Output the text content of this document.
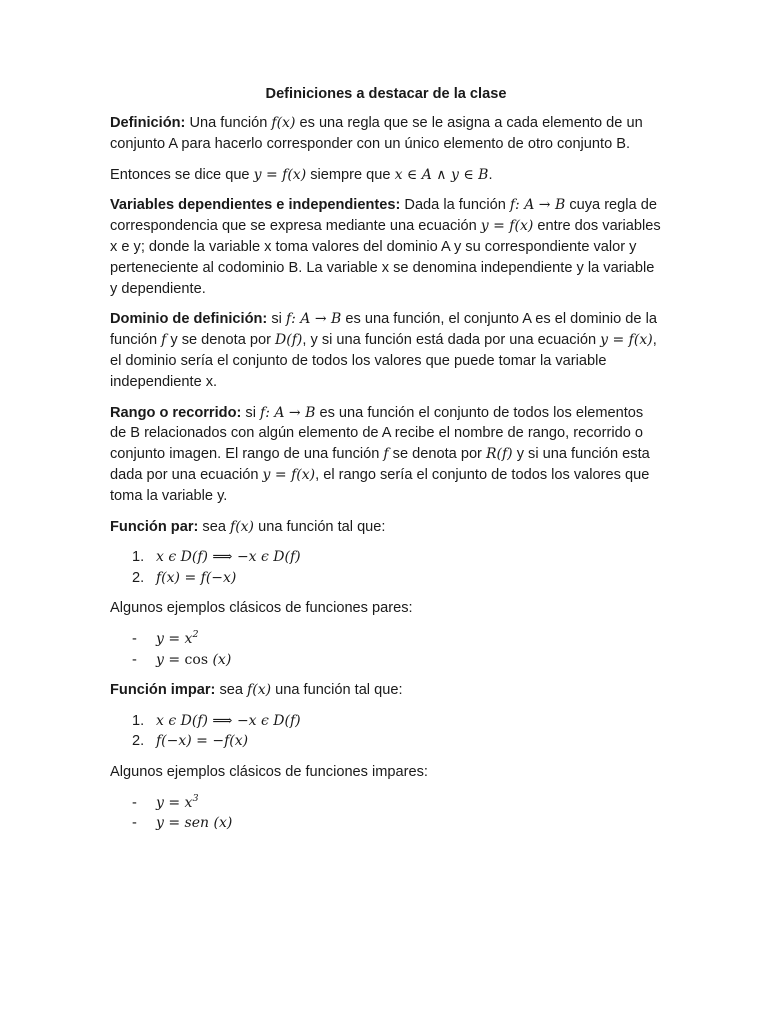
Definiciones a destacar de la clase

Definición: Una función f(x) es una regla que se le asigna a cada elemento de un conjunto A para hacerlo corresponder con un único elemento de otro conjunto B.

Entonces se dice que y = f(x) siempre que x ∈ A ∧ y ∈ B.

Variables dependientes e independientes: Dada la función f: A → B cuya regla de correspondencia que se expresa mediante una ecuación y = f(x) entre dos variables x e y; donde la variable x toma valores del dominio A y su correspondiente valor y perteneciente al codominio B. La variable x se denomina independiente y la variable y dependiente.

Dominio de definición: si f: A → B es una función, el conjunto A es el dominio de la función f y se denota por D(f), y si una función está dada por una ecuación y = f(x), el dominio sería el conjunto de todos los valores que puede tomar la variable independiente x.

Rango o recorrido: si f: A → B es una función el conjunto de todos los elementos de B relacionados con algún elemento de A recibe el nombre de rango, recorrido o conjunto imagen. El rango de una función f se denota por R(f) y si una función esta dada por una ecuación y = f(x), el rango sería el conjunto de todos los valores que toma la variable y.

Función par: sea f(x) una función tal que:

1. x ϵ D(f) ⟹ −x ϵ D(f)
2. f(x) = f(−x)

Algunos ejemplos clásicos de funciones pares:

-	$y = x^2$
-	y = cos (x)

Función impar: sea f(x) una función tal que:

1. x ϵ D(f) ⟹ −x ϵ D(f)
2. f(−x) = −f(x)

Algunos ejemplos clásicos de funciones impares:

-	$y = x^3$
-	y = sen (x)
